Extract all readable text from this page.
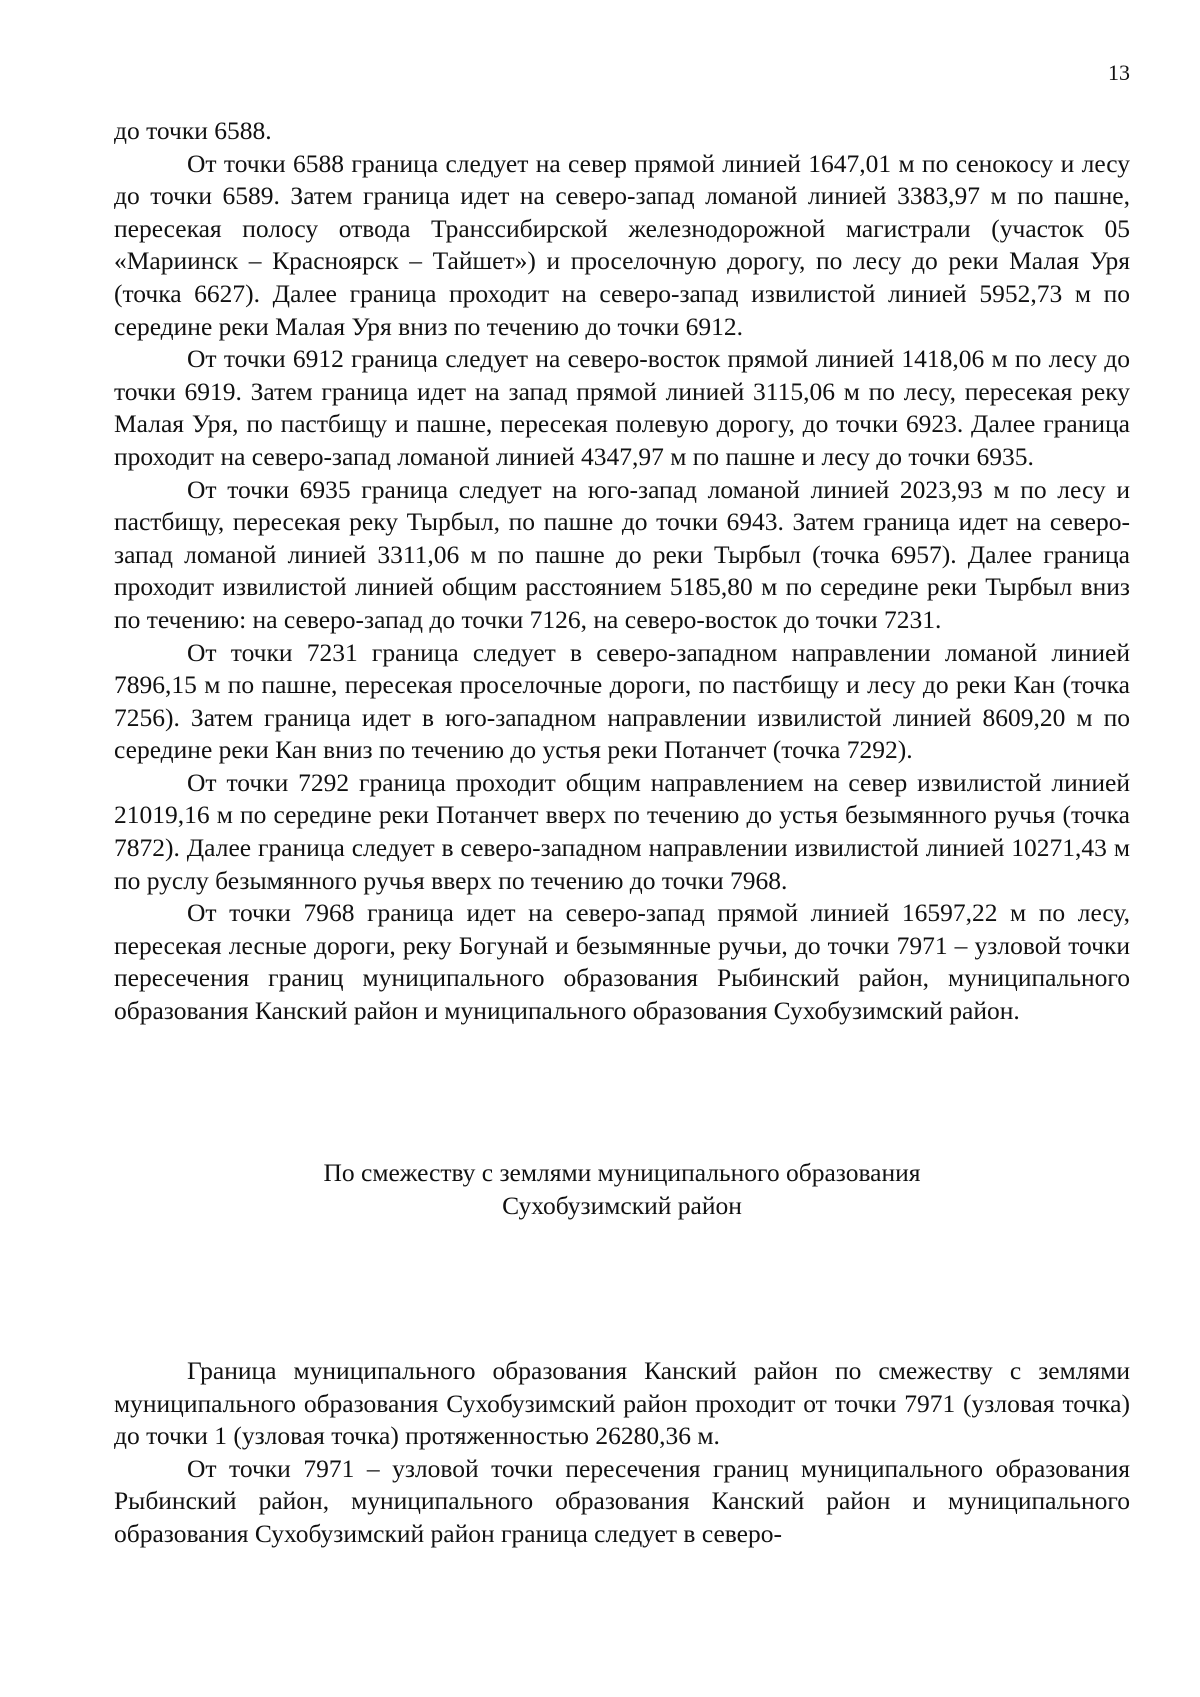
13

до точки 6588.

От точки 6588 граница следует на север прямой линией 1647,01 м по сенокосу и лесу до точки 6589. Затем граница идет на северо-запад ломаной линией 3383,97 м по пашне, пересекая полосу отвода Транссибирской железнодорожной магистрали (участок 05 «Мариинск – Красноярск – Тайшет») и проселочную дорогу, по лесу до реки Малая Уря (точка 6627). Далее граница проходит на северо-запад извилистой линией 5952,73 м по середине реки Малая Уря вниз по течению до точки 6912.

От точки 6912 граница следует на северо-восток прямой линией 1418,06 м по лесу до точки 6919. Затем граница идет на запад прямой линией 3115,06 м по лесу, пересекая реку Малая Уря, по пастбищу и пашне, пересекая полевую дорогу, до точки 6923. Далее граница проходит на северо-запад ломаной линией 4347,97 м по пашне и лесу до точки 6935.

От точки 6935 граница следует на юго-запад ломаной линией 2023,93 м по лесу и пастбищу, пересекая реку Тырбыл, по пашне до точки 6943. Затем граница идет на северо-запад ломаной линией 3311,06 м по пашне до реки Тырбыл (точка 6957). Далее граница проходит извилистой линией общим расстоянием 5185,80 м по середине реки Тырбыл вниз по течению: на северо-запад до точки 7126, на северо-восток до точки 7231.

От точки 7231 граница следует в северо-западном направлении ломаной линией 7896,15 м по пашне, пересекая проселочные дороги, по пастбищу и лесу до реки Кан (точка 7256). Затем граница идет в юго-западном направлении извилистой линией 8609,20 м по середине реки Кан вниз по течению до устья реки Потанчет (точка 7292).

От точки 7292 граница проходит общим направлением на север извилистой линией 21019,16 м по середине реки Потанчет вверх по течению до устья безымянного ручья (точка 7872). Далее граница следует в северо-западном направлении извилистой линией 10271,43 м по руслу безымянного ручья вверх по течению до точки 7968.

От точки 7968 граница идет на северо-запад прямой линией 16597,22 м по лесу, пересекая лесные дороги, реку Богунай и безымянные ручьи, до точки 7971 – узловой точки пересечения границ муниципального образования Рыбинский район, муниципального образования Канский район и муниципального образования Сухобузимский район.

По смежеству с землями муниципального образования

Сухобузимский район

Граница муниципального образования Канский район по смежеству с землями муниципального образования Сухобузимский район проходит от точки 7971 (узловая точка) до точки 1 (узловая точка) протяженностью 26280,36 м.

От точки 7971 – узловой точки пересечения границ муниципального образования Рыбинский район, муниципального образования Канский район и муниципального образования Сухобузимский район граница следует в северо-
